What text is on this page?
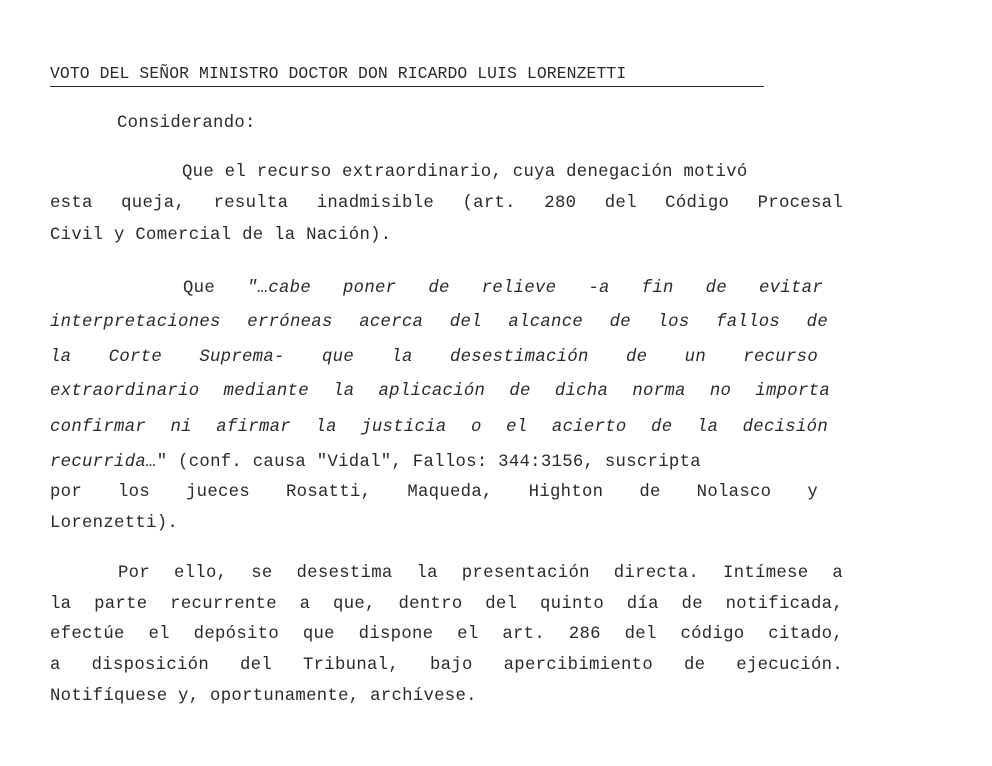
VOTO DEL SEÑOR MINISTRO DOCTOR DON RICARDO LUIS LORENZETTI
Considerando:
Que el recurso extraordinario, cuya denegación motivó
esta queja, resulta inadmisible (art. 280 del Código Procesal
Civil y Comercial de la Nación).
Que "…cabe poner de relieve -a fin de evitar
interpretaciones erróneas acerca del alcance de los fallos de
la Corte Suprema- que la desestimación de un recurso
extraordinario mediante la aplicación de dicha norma no importa
confirmar ni afirmar la justicia o el acierto de la decisión
recurrida…" (conf. causa "Vidal", Fallos: 344:3156, suscripta
por los jueces Rosatti, Maqueda, Highton de Nolasco y
Lorenzetti).
Por ello, se desestima la presentación directa. Intímese a
la parte recurrente a que, dentro del quinto día de notificada,
efectúe el depósito que dispone el art. 286 del código citado,
a disposición del Tribunal, bajo apercibimiento de ejecución.
Notifíquese y, oportunamente, archívese.
